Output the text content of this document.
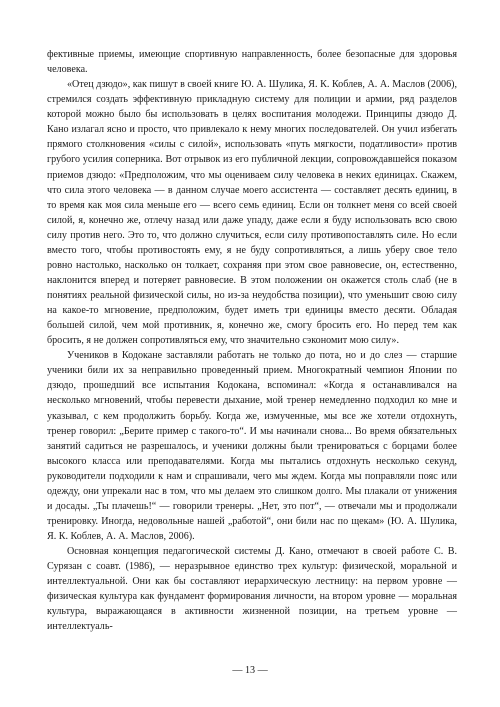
фективные приемы, имеющие спортивную направленность, более безопасные для здоровья человека.

«Отец дзюдо», как пишут в своей книге Ю. А. Шулика, Я. К. Коблев, А. А. Маслов (2006), стремился создать эффективную прикладную систему для полиции и армии, ряд разделов которой можно было бы использовать в целях воспитания молодежи. Принципы дзюдо Д. Кано излагал ясно и просто, что привлекало к нему многих последователей. Он учил избегать прямого столкновения «силы с силой», использовать «путь мягкости, податливости» против грубого усилия соперника. Вот отрывок из его публичной лекции, сопровождавшейся показом приемов дзюдо: «Предположим, что мы оцениваем силу человека в неких единицах. Скажем, что сила этого человека — в данном случае моего ассистента — составляет десять единиц, в то время как моя сила меньше его — всего семь единиц. Если он толкнет меня со всей своей силой, я, конечно же, отлечу назад или даже упаду, даже если я буду использовать всю свою силу против него. Это то, что должно случиться, если силу противопоставлять силе. Но если вместо того, чтобы противостоять ему, я не буду сопротивляться, а лишь уберу свое тело ровно настолько, насколько он толкает, сохраняя при этом свое равновесие, он, естественно, наклонится вперед и потеряет равновесие. В этом положении он окажется столь слаб (не в понятиях реальной физической силы, но из-за неудобства позиции), что уменьшит свою силу на какое-то мгновение, предположим, будет иметь три единицы вместо десяти. Обладая большей силой, чем мой противник, я, конечно же, смогу бросить его. Но перед тем как бросить, я не должен сопротивляться ему, что значительно сэкономит мою силу».

Учеников в Кодокане заставляли работать не только до пота, но и до слез — старшие ученики били их за неправильно проведенный прием. Многократный чемпион Японии по дзюдо, прошедший все испытания Кодокана, вспоминал: «Когда я останавливался на несколько мгновений, чтобы перевести дыхание, мой тренер немедленно подходил ко мне и указывал, с кем продолжить борьбу. Когда же, измученные, мы все же хотели отдохнуть, тренер говорил: „Берите пример с такого-то“. И мы начинали снова... Во время обязательных занятий садиться не разрешалось, и ученики должны были тренироваться с борцами более высокого класса или преподавателями. Когда мы пытались отдохнуть несколько секунд, руководители подходили к нам и спрашивали, чего мы ждем. Когда мы поправляли пояс или одежду, они упрекали нас в том, что мы делаем это слишком долго. Мы плакали от унижения и досады. „Ты плачешь!“ — говорили тренеры. „Нет, это пот“, — отвечали мы и продолжали тренировку. Иногда, недовольные нашей „работой“, они били нас по щекам» (Ю. А. Шулика, Я. К. Коблев, А. А. Маслов, 2006).

Основная концепция педагогической системы Д. Кано, отмечают в своей работе С. В. Сурязан с соавт. (1986), — неразрывное единство трех культур: физической, моральной и интеллектуальной. Они как бы составляют иерархическую лестницу: на первом уровне — физическая культура как фундамент формирования личности, на втором уровне — моральная культура, выражающаяся в активности жизненной позиции, на третьем уровне — интеллектуаль-

— 13 —
